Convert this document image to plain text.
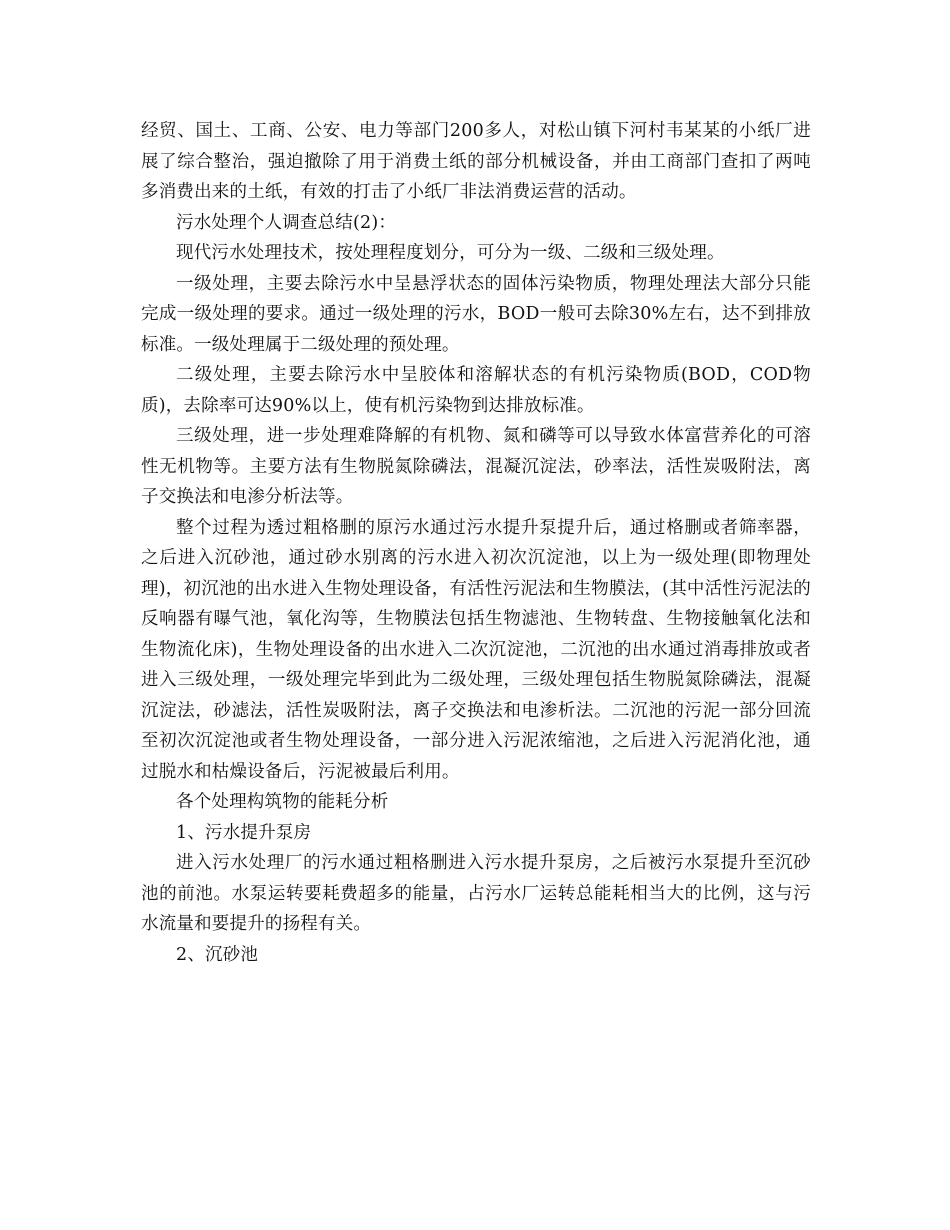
经贸、国土、工商、公安、电力等部门200多人，对松山镇下河村韦某某的小纸厂进展了综合整治，强迫撤除了用于消费土纸的部分机械设备，并由工商部门查扣了两吨多消费出来的土纸，有效的打击了小纸厂非法消费运营的活动。

污水处理个人调查总结(2)：

现代污水处理技术，按处理程度划分，可分为一级、二级和三级处理。

一级处理，主要去除污水中呈悬浮状态的固体污染物质，物理处理法大部分只能完成一级处理的要求。通过一级处理的污水，BOD一般可去除30%左右，达不到排放标准。一级处理属于二级处理的预处理。

二级处理，主要去除污水中呈胶体和溶解状态的有机污染物质(BOD，COD物质)，去除率可达90%以上，使有机污染物到达排放标准。

三级处理，进一步处理难降解的有机物、氮和磷等可以导致水体富营养化的可溶性无机物等。主要方法有生物脱氮除磷法，混凝沉淀法，砂率法，活性炭吸附法，离子交换法和电渗分析法等。

整个过程为透过粗格删的原污水通过污水提升泵提升后，通过格删或者筛率器，之后进入沉砂池，通过砂水别离的污水进入初次沉淀池，以上为一级处理(即物理处理)，初沉池的出水进入生物处理设备，有活性污泥法和生物膜法，(其中活性污泥法的反响器有曝气池，氧化沟等，生物膜法包括生物滤池、生物转盘、生物接触氧化法和生物流化床)，生物处理设备的出水进入二次沉淀池，二沉池的出水通过消毒排放或者进入三级处理，一级处理完毕到此为二级处理，三级处理包括生物脱氮除磷法，混凝沉淀法，砂滤法，活性炭吸附法，离子交换法和电渗析法。二沉池的污泥一部分回流至初次沉淀池或者生物处理设备，一部分进入污泥浓缩池，之后进入污泥消化池，通过脱水和枯燥设备后，污泥被最后利用。

各个处理构筑物的能耗分析

1、污水提升泵房

进入污水处理厂的污水通过粗格删进入污水提升泵房，之后被污水泵提升至沉砂池的前池。水泵运转要耗费超多的能量，占污水厂运转总能耗相当大的比例，这与污水流量和要提升的扬程有关。

2、沉砂池
